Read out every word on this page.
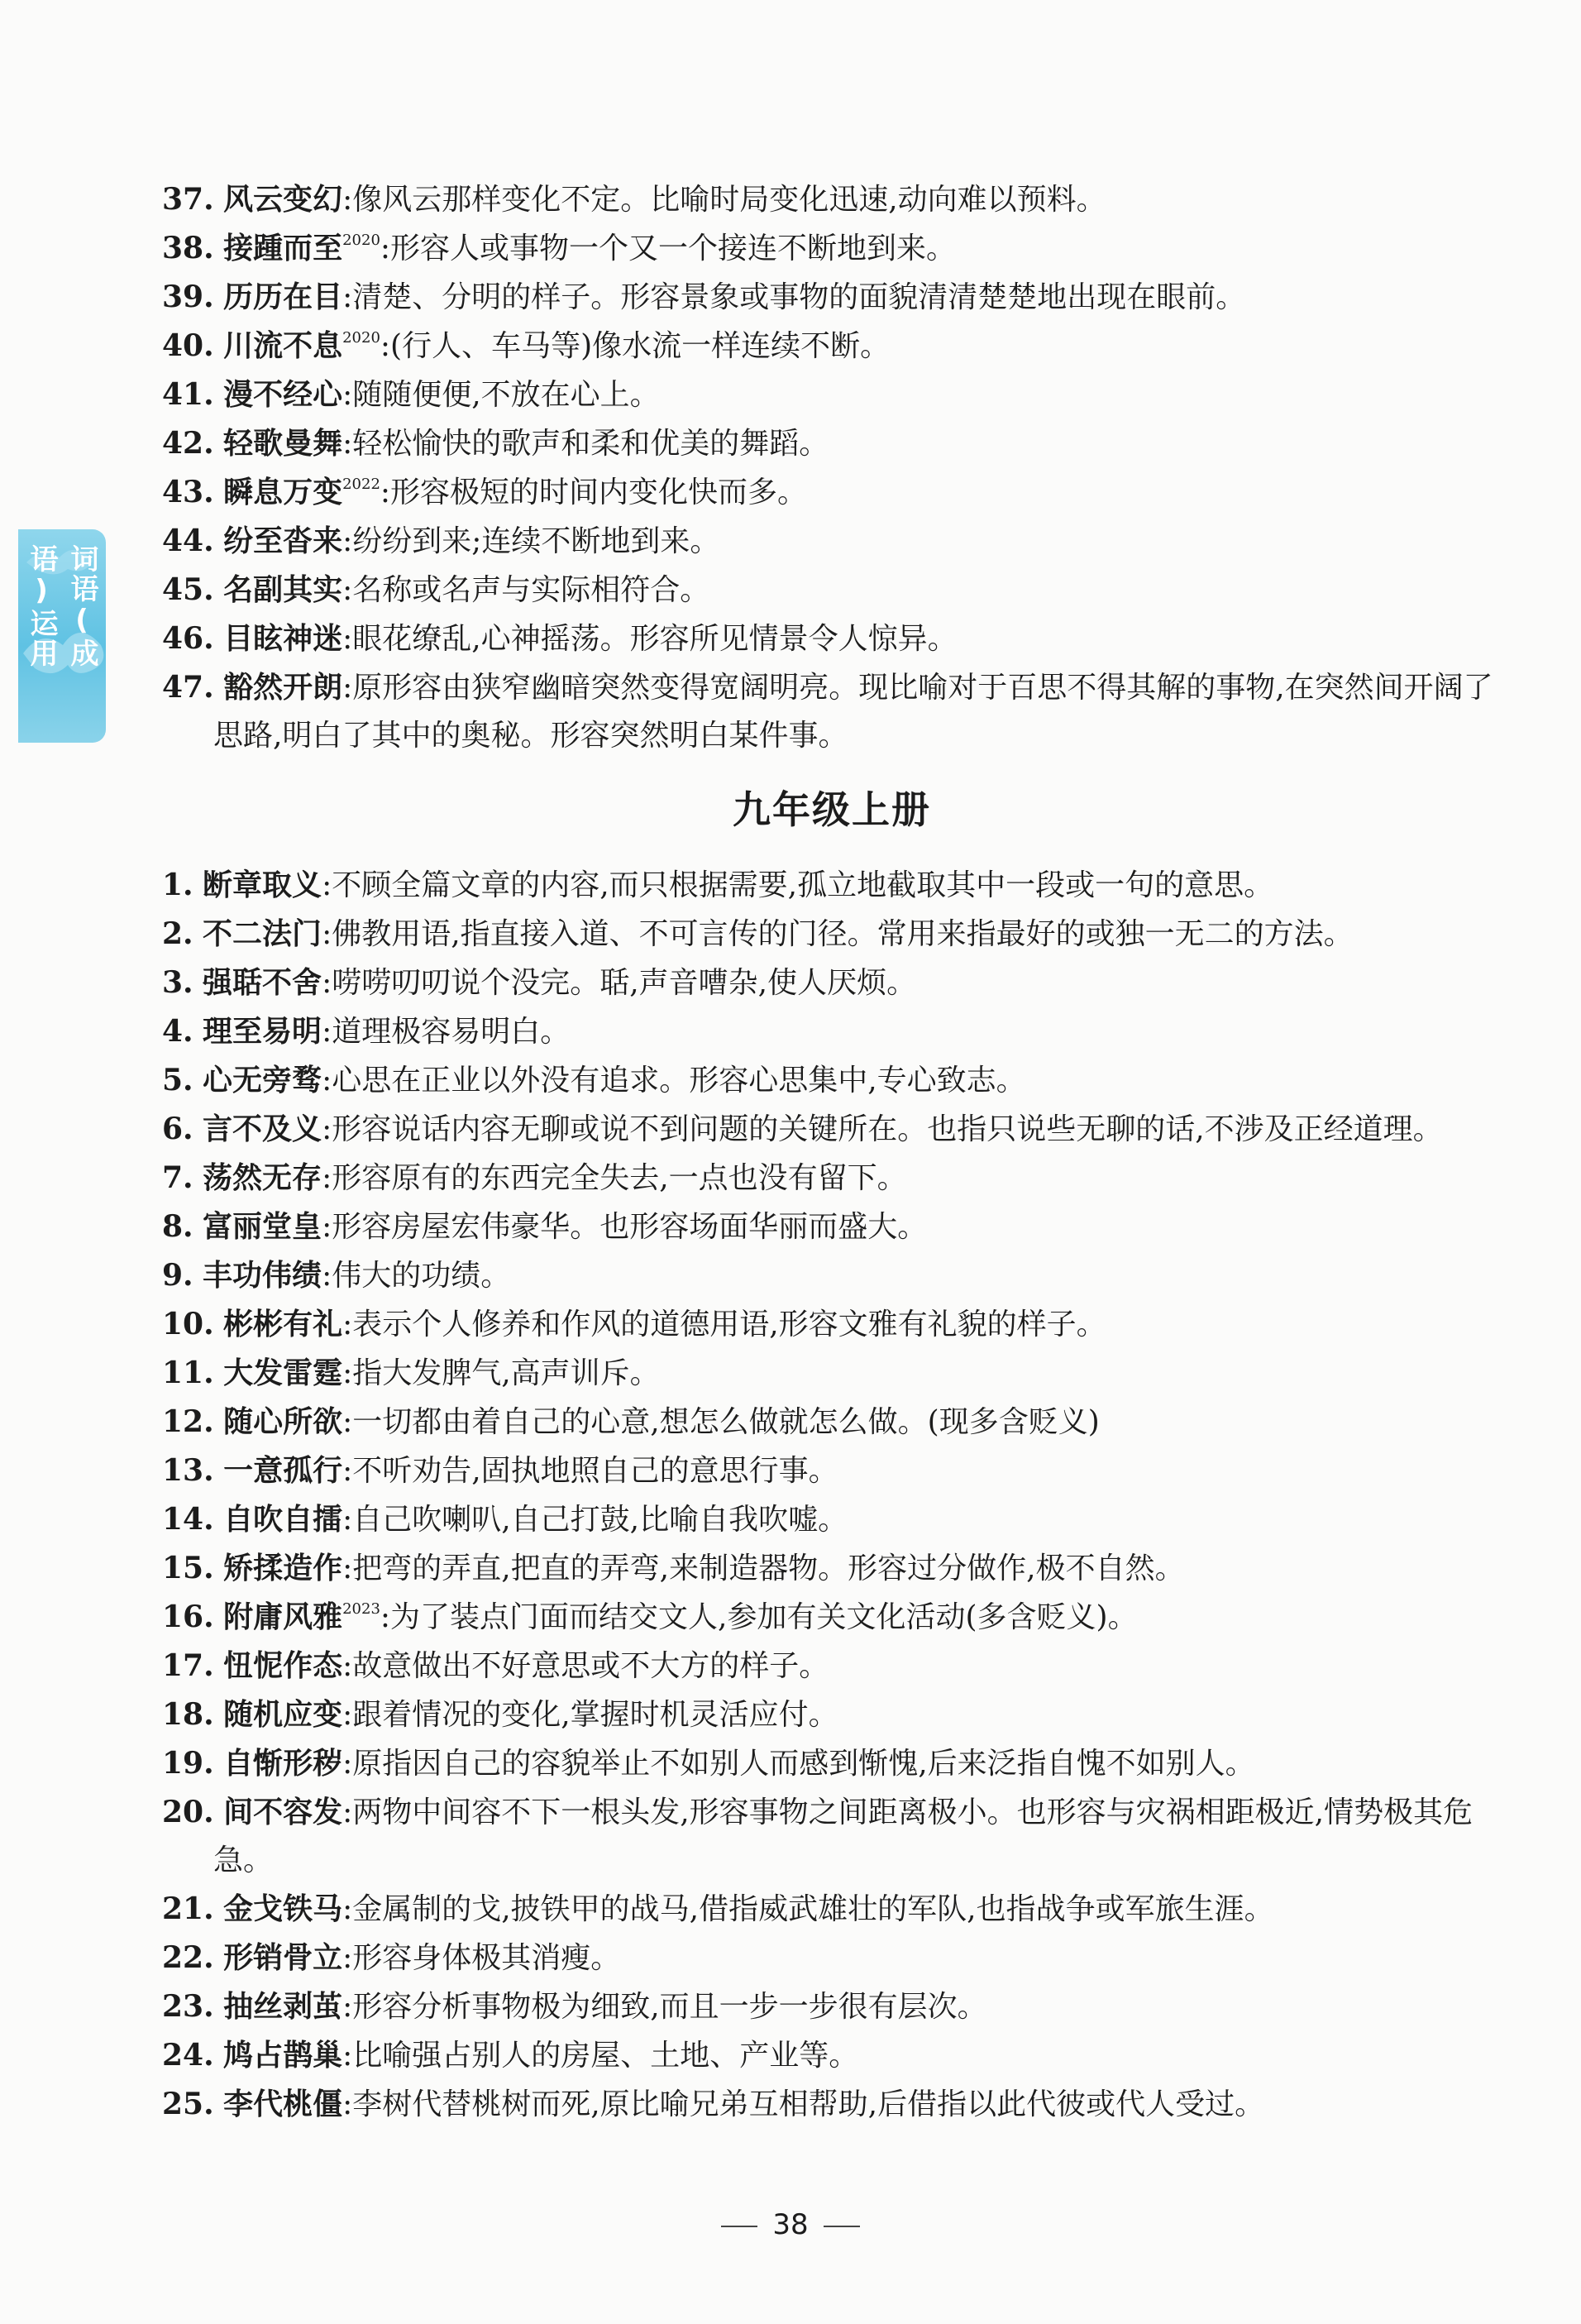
词语(成语)运用
37. 风云变幻:像风云那样变化不定。比喻时局变化迅速,动向难以预料。
38. 接踵而至$^{2020}$:形容人或事物一个又一个接连不断地到来。
39. 历历在目:清楚、分明的样子。形容景象或事物的面貌清清楚楚地出现在眼前。
40. 川流不息$^{2020}$:(行人、车马等)像水流一样连续不断。
41. 漫不经心:随随便便,不放在心上。
42. 轻歌曼舞:轻松愉快的歌声和柔和优美的舞蹈。
43. 瞬息万变$^{2022}$:形容极短的时间内变化快而多。
44. 纷至沓来:纷纷到来;连续不断地到来。
45. 名副其实:名称或名声与实际相符合。
46. 目眩神迷:眼花缭乱,心神摇荡。形容所见情景令人惊异。
47. 豁然开朗:原形容由狭窄幽暗突然变得宽阔明亮。现比喻对于百思不得其解的事物,在突然间开阔了思路,明白了其中的奥秘。形容突然明白某件事。
九年级上册
1. 断章取义:不顾全篇文章的内容,而只根据需要,孤立地截取其中一段或一句的意思。
2. 不二法门:佛教用语,指直接入道、不可言传的门径。常用来指最好的或独一无二的方法。
3. 强聒不舍:唠唠叨叨说个没完。聒,声音嘈杂,使人厌烦。
4. 理至易明:道理极容易明白。
5. 心无旁骛:心思在正业以外没有追求。形容心思集中,专心致志。
6. 言不及义:形容说话内容无聊或说不到问题的关键所在。也指只说些无聊的话,不涉及正经道理。
7. 荡然无存:形容原有的东西完全失去,一点也没有留下。
8. 富丽堂皇:形容房屋宏伟豪华。也形容场面华丽而盛大。
9. 丰功伟绩:伟大的功绩。
10. 彬彬有礼:表示个人修养和作风的道德用语,形容文雅有礼貌的样子。
11. 大发雷霆:指大发脾气,高声训斥。
12. 随心所欲:一切都由着自己的心意,想怎么做就怎么做。(现多含贬义)
13. 一意孤行:不听劝告,固执地照自己的意思行事。
14. 自吹自擂:自己吹喇叭,自己打鼓,比喻自我吹嘘。
15. 矫揉造作:把弯的弄直,把直的弄弯,来制造器物。形容过分做作,极不自然。
16. 附庸风雅$^{2023}$:为了装点门面而结交文人,参加有关文化活动(多含贬义)。
17. 忸怩作态:故意做出不好意思或不大方的样子。
18. 随机应变:跟着情况的变化,掌握时机灵活应付。
19. 自惭形秽:原指因自己的容貌举止不如别人而感到惭愧,后来泛指自愧不如别人。
20. 间不容发:两物中间容不下一根头发,形容事物之间距离极小。也形容与灾祸相距极近,情势极其危急。
21. 金戈铁马:金属制的戈,披铁甲的战马,借指威武雄壮的军队,也指战争或军旅生涯。
22. 形销骨立:形容身体极其消瘦。
23. 抽丝剥茧:形容分析事物极为细致,而且一步一步很有层次。
24. 鸠占鹊巢:比喻强占别人的房屋、土地、产业等。
25. 李代桃僵:李树代替桃树而死,原比喻兄弟互相帮助,后借指以此代彼或代人受过。
38
